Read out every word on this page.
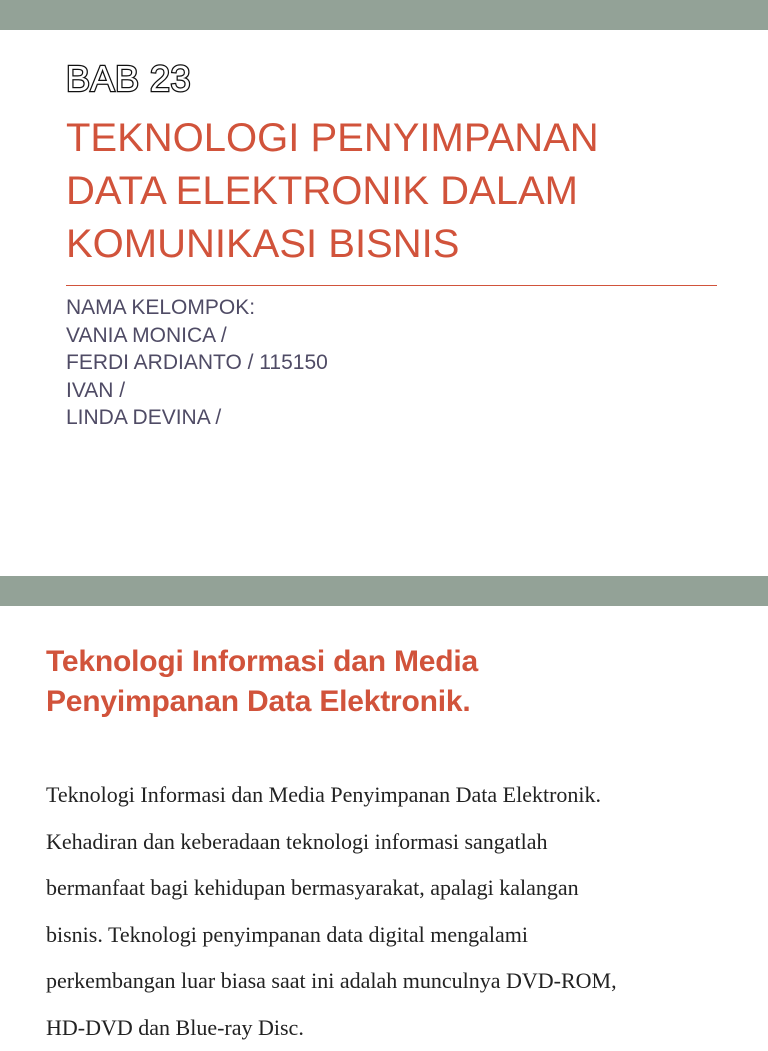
BAB 23
TEKNOLOGI PENYIMPANAN
DATA ELEKTRONIK DALAM
KOMUNIKASI BISNIS
NAMA KELOMPOK:
VANIA MONICA /
FERDI ARDIANTO / 115150
IVAN /
LINDA DEVINA /
Teknologi Informasi dan Media
Penyimpanan Data Elektronik.

Teknologi Informasi dan Media Penyimpanan Data Elektronik.
Kehadiran dan keberadaan teknologi informasi sangatlah
bermanfaat bagi kehidupan bermasyarakat, apalagi kalangan
bisnis. Teknologi penyimpanan data digital mengalami
perkembangan luar biasa saat ini adalah munculnya DVD-ROM,
HD-DVD dan Blue-ray Disc.
